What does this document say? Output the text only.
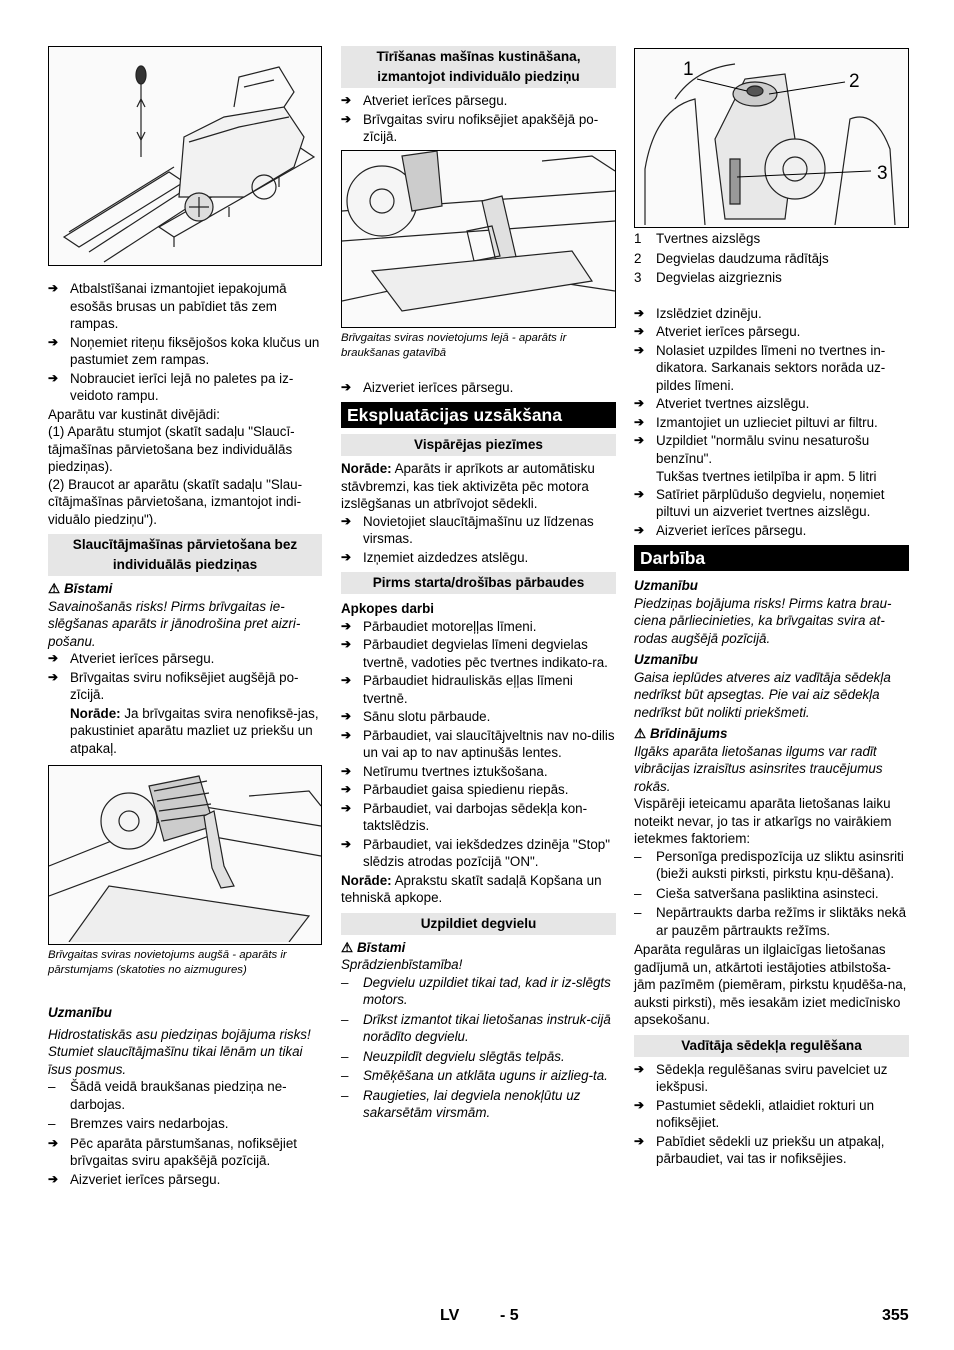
➔ Atbalstīšanai izmantojiet iepakojumā esošās brusas un pabīdiet tās zem rampas.

➔ Noņemiet riteņu fiksējošos koka klučus un pastumiet zem rampas.

➔ Nobrauciet ierīci lejā no paletes pa iz-veidoto rampu.

Aparātu var kustināt divējādi:

(1) Aparātu stumjot (skatīt sadaļu "Slaucī-tājmašīnas pārvietošana bez individuālās piedziņas).

(2) Braucot ar aparātu (skatīt sadaļu "Slau-cītājmašīnas pārvietošana, izmantojot indi-viduālo piedziņu").

Slaucītājmašīnas pārvietošana bez individuālās piedziņas

⚠ Bīstami

Savainošanās risks! Pirms brīvgaitas ie-slēgšanas aparāts ir jānodrošina pret aizri-pošanu.

➔ Atveriet ierīces pārsegu.

➔ Brīvgaitas sviru nofiksējiet augšējā po-zīcijā.

Norāde: Ja brīvgaitas svira nenofiksē-jas, pakustiniet aparātu mazliet uz priekšu un atpakaļ.

Brīvgaitas sviras novietojums augšā - aparāts ir pārstumjams (skatoties no aizmugures)

Uzmanību

Hidrostatiskās asu piedziņas bojājuma risks!

Stumiet slaucītājmašīnu tikai lēnām un tikai īsus posmus.

– Šādā veidā braukšanas piedziņa ne-darbojas.

– Bremzes vairs nedarbojas.

➔ Pēc aparāta pārstumšanas, nofiksējiet brīvgaitas sviru apakšējā pozīcijā.

➔ Aizveriet ierīces pārsegu.

Tīrīšanas mašīnas kustināšana, izmantojot individuālo piedziņu

➔ Atveriet ierīces pārsegu.

➔ Brīvgaitas sviru nofiksējiet apakšējā po-zīcijā.

Brīvgaitas sviras novietojums lejā - aparāts ir braukšanas gatavībā

➔ Aizveriet ierīces pārsegu.

Ekspluatācijas uzsākšana
Vispārējas piezīmes

Norāde: Aparāts ir aprīkots ar automātisku stāvbremzi, kas tiek aktivizēta pēc motora izslēgšanas un atbrīvojot sēdekli.

➔ Novietojiet slaucītājmašīnu uz līdzenas virsmas.

➔ Izņemiet aizdedzes atslēgu.

Pirms starta/drošības pārbaudes

Apkopes darbi

➔ Pārbaudiet motoreļļas līmeni.

➔ Pārbaudiet degvielas līmeni degvielas tvertnē, vadoties pēc tvertnes indikato-ra.

➔ Pārbaudiet hidrauliskās eļļas līmeni tvertnē.

➔ Sānu slotu pārbaude.

➔ Pārbaudiet, vai slaucītājveltnis nav no-dilis un vai ap to nav aptinušās lentes.

➔ Netīrumu tvertnes iztukšošana.

➔ Pārbaudiet gaisa spiedienu riepās.

➔ Pārbaudiet, vai darbojas sēdekļa kon-taktslēdzis.

➔ Pārbaudiet, vai iekšdedzes dzinēja "Stop" slēdzis atrodas pozīcijā "ON".

Norāde: Aprakstu skatīt sadaļā Kopšana un tehniskā apkope.

Uzpildiet degvielu

⚠ Bīstami

Sprādzienbīstamība!

– Degvielu uzpildiet tikai tad, kad ir iz-slēgts motors.

– Drīkst izmantot tikai lietošanas instruk-cijā norādīto degvielu.

– Neuzpildīt degvielu slēgtās telpās.

– Smēķēšana un atklāta uguns ir aizlieg-ta.

– Raugieties, lai degviela nenokļūtu uz sakarsētām virsmām.

1
2
3

1	Tvertnes aizslēgs

2	Degvielas daudzuma rādītājs

3	Degvielas aizgrieznis

➔ Izslēdziet dzinēju.

➔ Atveriet ierīces pārsegu.

➔ Nolasiet uzpildes līmeni no tvertnes in-dikatora. Sarkanais sektors norāda uz-pildes līmeni.

➔ Atveriet tvertnes aizslēgu.

➔ Izmantojiet un uzlieciet piltuvi ar filtru.

➔ Uzpildiet "normālu svinu nesaturošu benzīnu".

Tukšas tvertnes ietilpība ir apm. 5 litri

➔ Satīriet pārplūdušo degvielu, noņemiet piltuvi un aizveriet tvertnes aizslēgu.

➔ Aizveriet ierīces pārsegu.

Darbība

Uzmanību

Piedziņas bojājuma risks! Pirms katra brau-ciena pārliecinieties, ka brīvgaitas svira at-rodas augšējā pozīcijā.

Uzmanību

Gaisa ieplūdes atveres aiz vadītāja sēdekļa nedrīkst būt apsegtas. Pie vai aiz sēdekļa nedrīkst būt nolikti priekšmeti.

⚠ Brīdinājums

Ilgāks aparāta lietošanas ilgums var radīt vibrācijas izraisītus asinsrites traucējumus rokās.

Vispārēji ieteicamu aparāta lietošanas laiku noteikt nevar, jo tas ir atkarīgs no vairākiem ietekmes faktoriem:

– Personīga predispozīcija uz sliktu asinsriti (bieži auksti pirksti, pirkstu kņu-dēšana).

– Cieša satveršana pasliktina asinsteci.

– Nepārtraukts darba režīms ir sliktāks nekā ar pauzēm pārtraukts režīms.

Aparāta regulāras un ilglaicīgas lietošanas gadījumā un, atkārtoti iestājoties atbilstoša-jām pazīmēm (piemēram, pirkstu kņudēša-na, auksti pirksti), mēs iesakām iziet medicīnisko apsekošanu.

Vadītāja sēdekļa regulēšana

➔ Sēdekļa regulēšanas sviru pavelciet uz iekšpusi.

➔ Pastumiet sēdekli, atlaidiet rokturi un nofiksējiet.

➔ Pabīdiet sēdekli uz priekšu un atpakaļ, pārbaudiet, vai tas ir nofiksējies.

LV	- 5	355
